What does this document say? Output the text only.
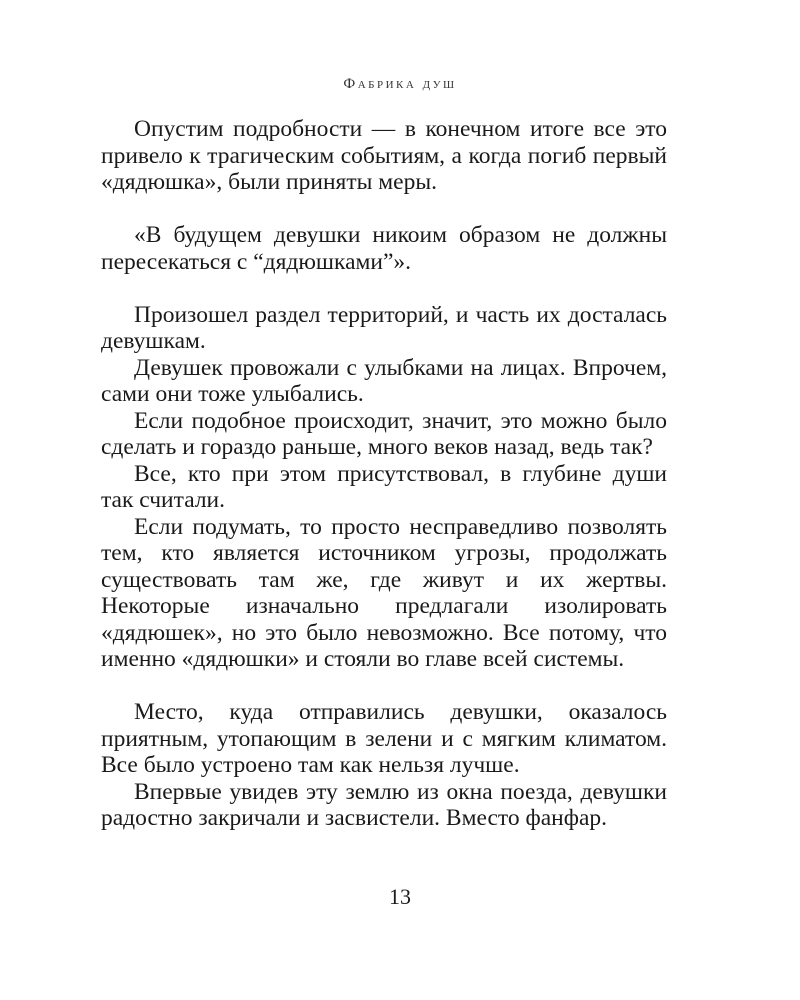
Фабрика душ

Опустим подробности — в конечном итоге все это привело к трагическим событиям, а когда погиб первый «дядюшка», были приняты меры.

«В будущем девушки никоим образом не должны пересекаться с “дядюшками”».

Произошел раздел территорий, и часть их досталась девушкам.

Девушек провожали с улыбками на лицах. Впрочем, сами они тоже улыбались.

Если подобное происходит, значит, это можно было сделать и гораздо раньше, много веков назад, ведь так?

Все, кто при этом присутствовал, в глубине души так считали.

Если подумать, то просто несправедливо позволять тем, кто является источником угрозы, продолжать существовать там же, где живут и их жертвы. Некоторые изначально предлагали изолировать «дядюшек», но это было невозможно. Все потому, что именно «дядюшки» и стояли во главе всей системы.

Место, куда отправились девушки, оказалось приятным, утопающим в зелени и с мягким климатом. Все было устроено там как нельзя лучше.

Впервые увидев эту землю из окна поезда, девушки радостно закричали и засвистели. Вместо фанфар.

13
